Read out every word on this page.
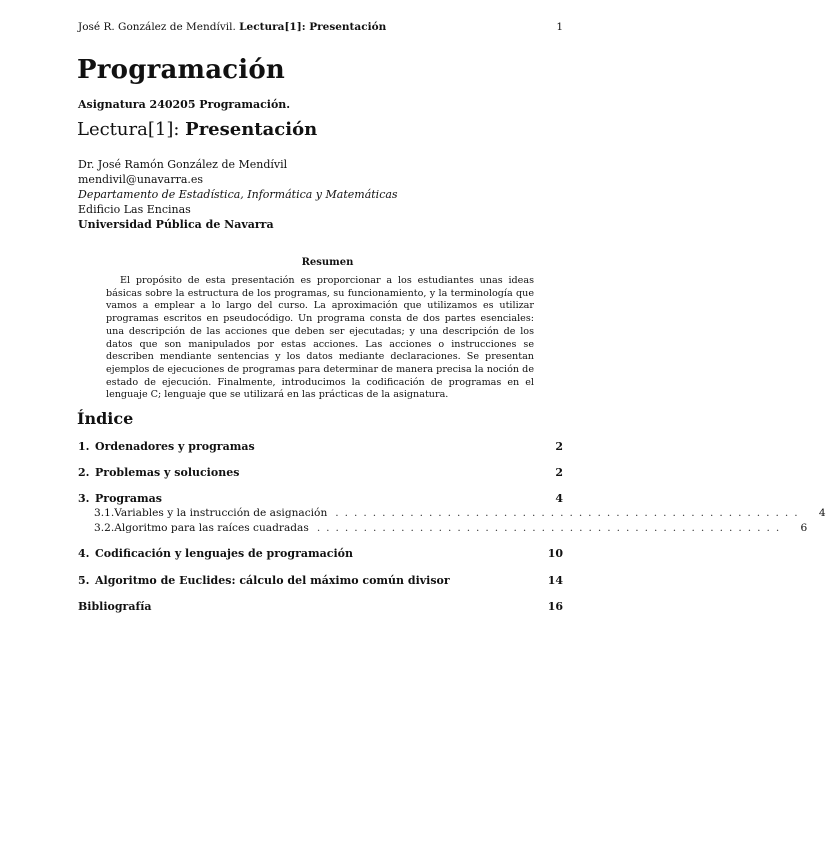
José R. González de Mendívil. Lectura[1]: Presentación	1
Programación
Asignatura 240205 Programación.
Lectura[1]: Presentación
Dr. José Ramón González de Mendívil
mendivil@unavarra.es
Departamento de Estadística, Informática y Matemáticas
Edificio Las Encinas
Universidad Pública de Navarra
Resumen

El propósito de esta presentación es proporcionar a los estudiantes unas ideas básicas sobre la estructura de los programas, su funcionamiento, y la terminología que vamos a emplear a lo largo del curso. La aproximación que utilizamos es utilizar programas escritos en pseudocódigo. Un programa consta de dos partes esenciales: una descripción de las acciones que deben ser ejecutadas; y una descripción de los datos que son manipulados por estas acciones. Las acciones o instrucciones se describen mendiante sentencias y los datos mediante declaraciones. Se presentan ejemplos de ejecuciones de programas para determinar de manera precisa la noción de estado de ejecución. Finalmente, introducimos la codificación de programas en el lenguaje C; lenguaje que se utilizará en las prácticas de la asignatura.

Índice
1. Ordenadores y programas	2
2. Problemas y soluciones	2
3. Programas	4
3.1. Variables y la instrucción de asignación ..................................................	4
3.2. Algoritmo para las raíces cuadradas ..................................................	6
4. Codificación y lenguajes de programación	10
5. Algoritmo de Euclides: cálculo del máximo común divisor	14
Bibliografía	16
